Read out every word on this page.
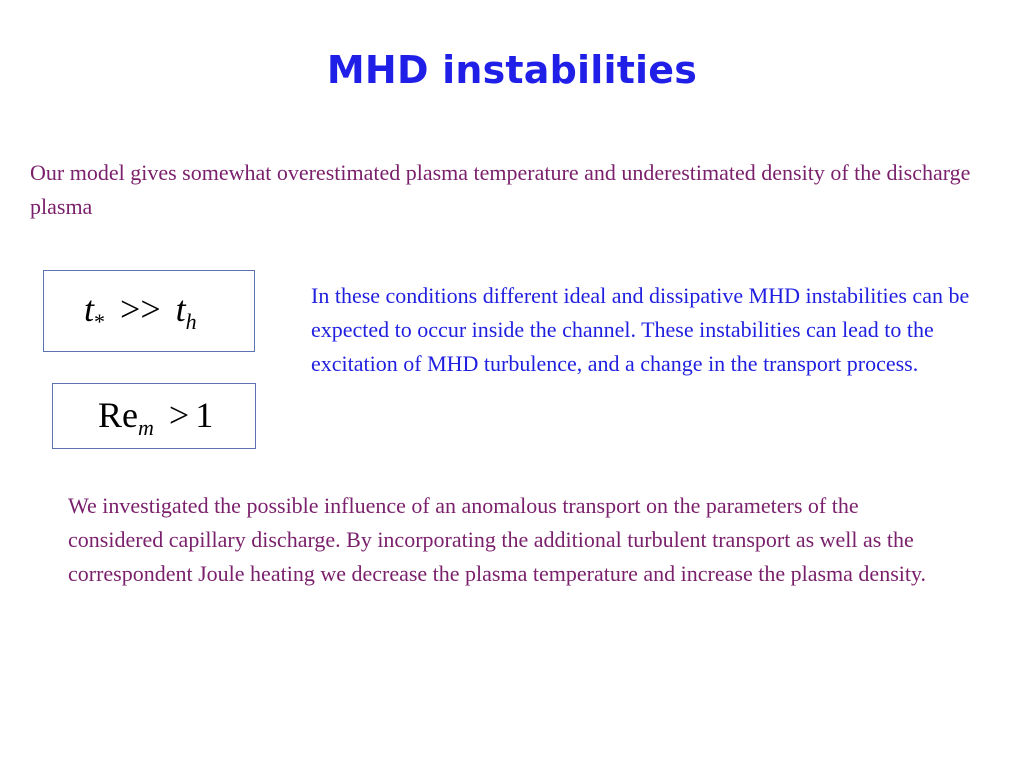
MHD instabilities

Our model gives somewhat overestimated plasma temperature and underestimated density of the discharge plasma

$t_* >> t_h$
$Re_m > 1$

In these conditions different ideal and dissipative MHD instabilities can be expected to occur inside the channel. These instabilities can lead to the excitation of MHD turbulence, and a change in the transport process.

We investigated the possible influence of an anomalous transport on the parameters of the considered capillary discharge. By incorporating the additional turbulent transport as well as the correspondent Joule heating we decrease the plasma temperature and increase the plasma density.
